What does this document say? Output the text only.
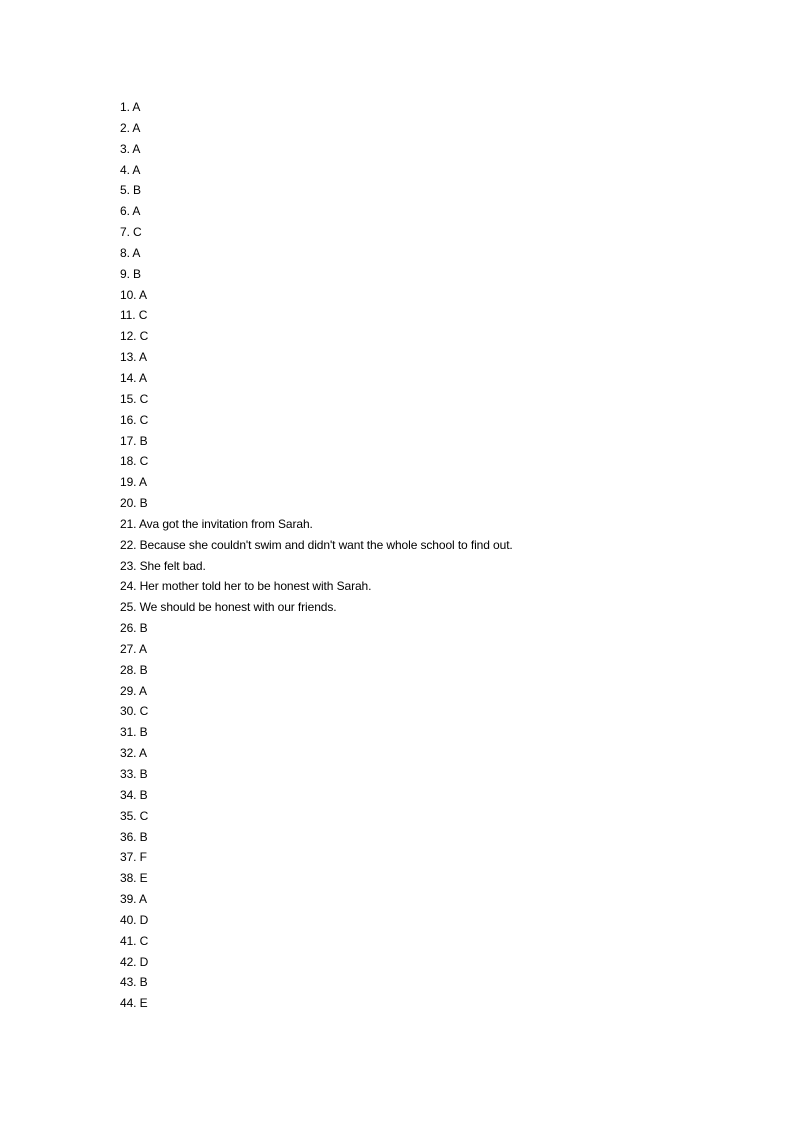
1. A
2. A
3. A
4. A
5. B
6. A
7. C
8. A
9. B
10. A
11. C
12. C
13. A
14. A
15. C
16. C
17. B
18. C
19. A
20. B
21. Ava got the invitation from Sarah.
22. Because she couldn't swim and didn't want the whole school to find out.
23. She felt bad.
24. Her mother told her to be honest with Sarah.
25. We should be honest with our friends.
26. B
27. A
28. B
29. A
30. C
31. B
32. A
33. B
34. B
35. C
36. B
37. F
38. E
39. A
40. D
41. C
42. D
43. B
44. E
